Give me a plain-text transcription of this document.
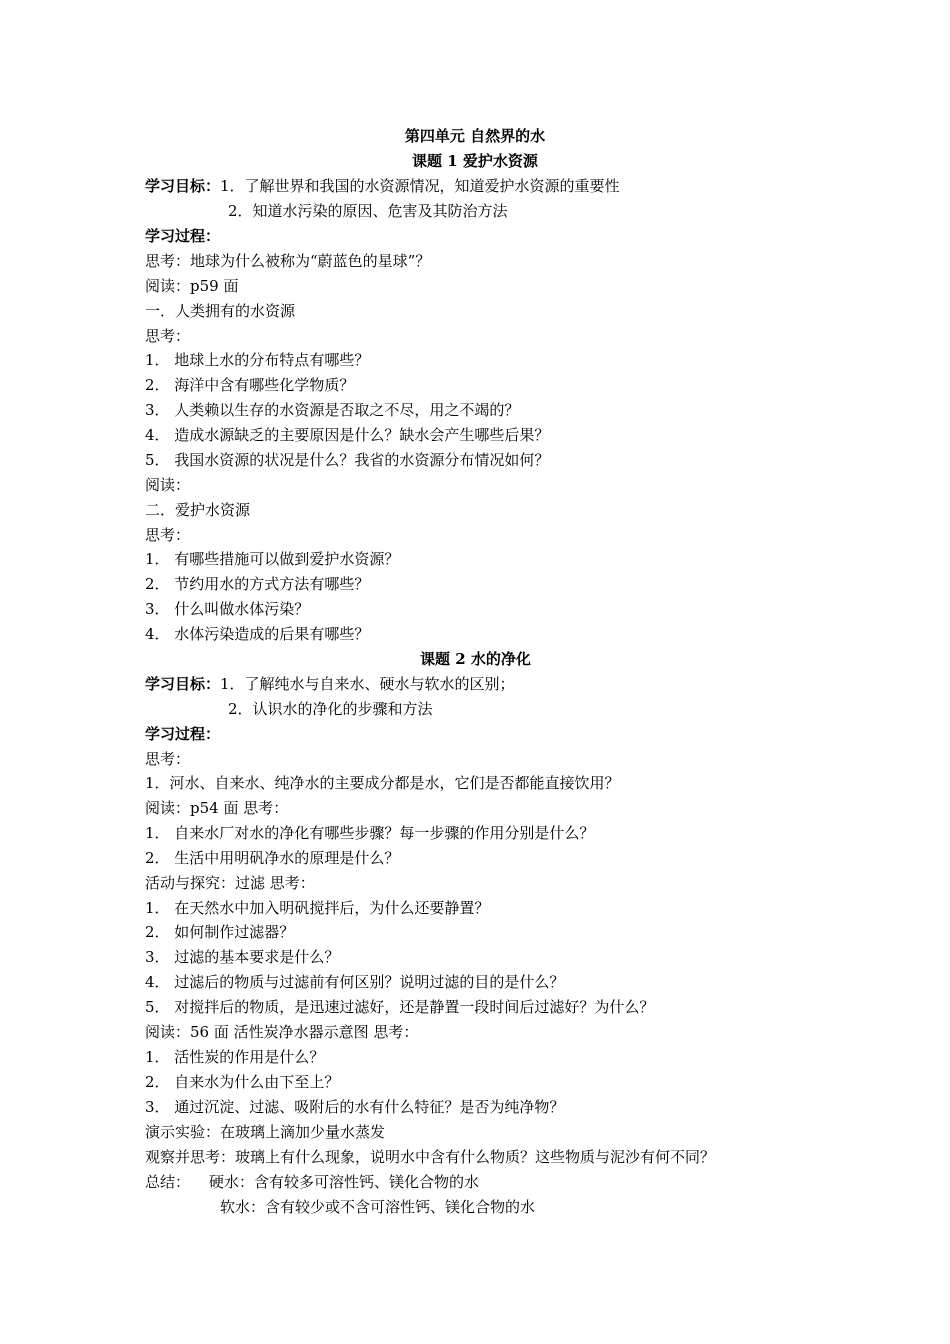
第四单元 自然界的水
课题 1 爱护水资源
学习目标：1．了解世界和我国的水资源情况，知道爱护水资源的重要性
2．知道水污染的原因、危害及其防治方法
学习过程：
思考：地球为什么被称为“蔚蓝色的星球”？
阅读：p59 面
一．人类拥有的水资源
思考：
1． 地球上水的分布特点有哪些？
2． 海洋中含有哪些化学物质？
3． 人类赖以生存的水资源是否取之不尽，用之不竭的？
4． 造成水源缺乏的主要原因是什么？缺水会产生哪些后果？
5． 我国水资源的状况是什么？我省的水资源分布情况如何？
阅读：
二．爱护水资源
思考：
1． 有哪些措施可以做到爱护水资源？
2． 节约用水的方式方法有哪些？
3． 什么叫做水体污染？
4． 水体污染造成的后果有哪些？
课题 2 水的净化
学习目标：1．了解纯水与自来水、硬水与软水的区别；
2．认识水的净化的步骤和方法
学习过程：
思考：
1．河水、自来水、纯净水的主要成分都是水，它们是否都能直接饮用？
阅读：p54 面 思考：
1． 自来水厂对水的净化有哪些步骤？每一步骤的作用分别是什么？
2． 生活中用明矾净水的原理是什么？
活动与探究：过滤 思考：
1． 在天然水中加入明矾搅拌后，为什么还要静置？
2． 如何制作过滤器？
3． 过滤的基本要求是什么？
4． 过滤后的物质与过滤前有何区别？说明过滤的目的是什么？
5． 对搅拌后的物质，是迅速过滤好，还是静置一段时间后过滤好？为什么？
阅读：56 面 活性炭净水器示意图 思考：
1． 活性炭的作用是什么？
2． 自来水为什么由下至上？
3． 通过沉淀、过滤、吸附后的水有什么特征？是否为纯净物？
演示实验：在玻璃上滴加少量水蒸发
观察并思考：玻璃上有什么现象，说明水中含有什么物质？这些物质与泥沙有何不同？
总结： 硬水：含有较多可溶性钙、镁化合物的水
软水：含有较少或不含可溶性钙、镁化合物的水
